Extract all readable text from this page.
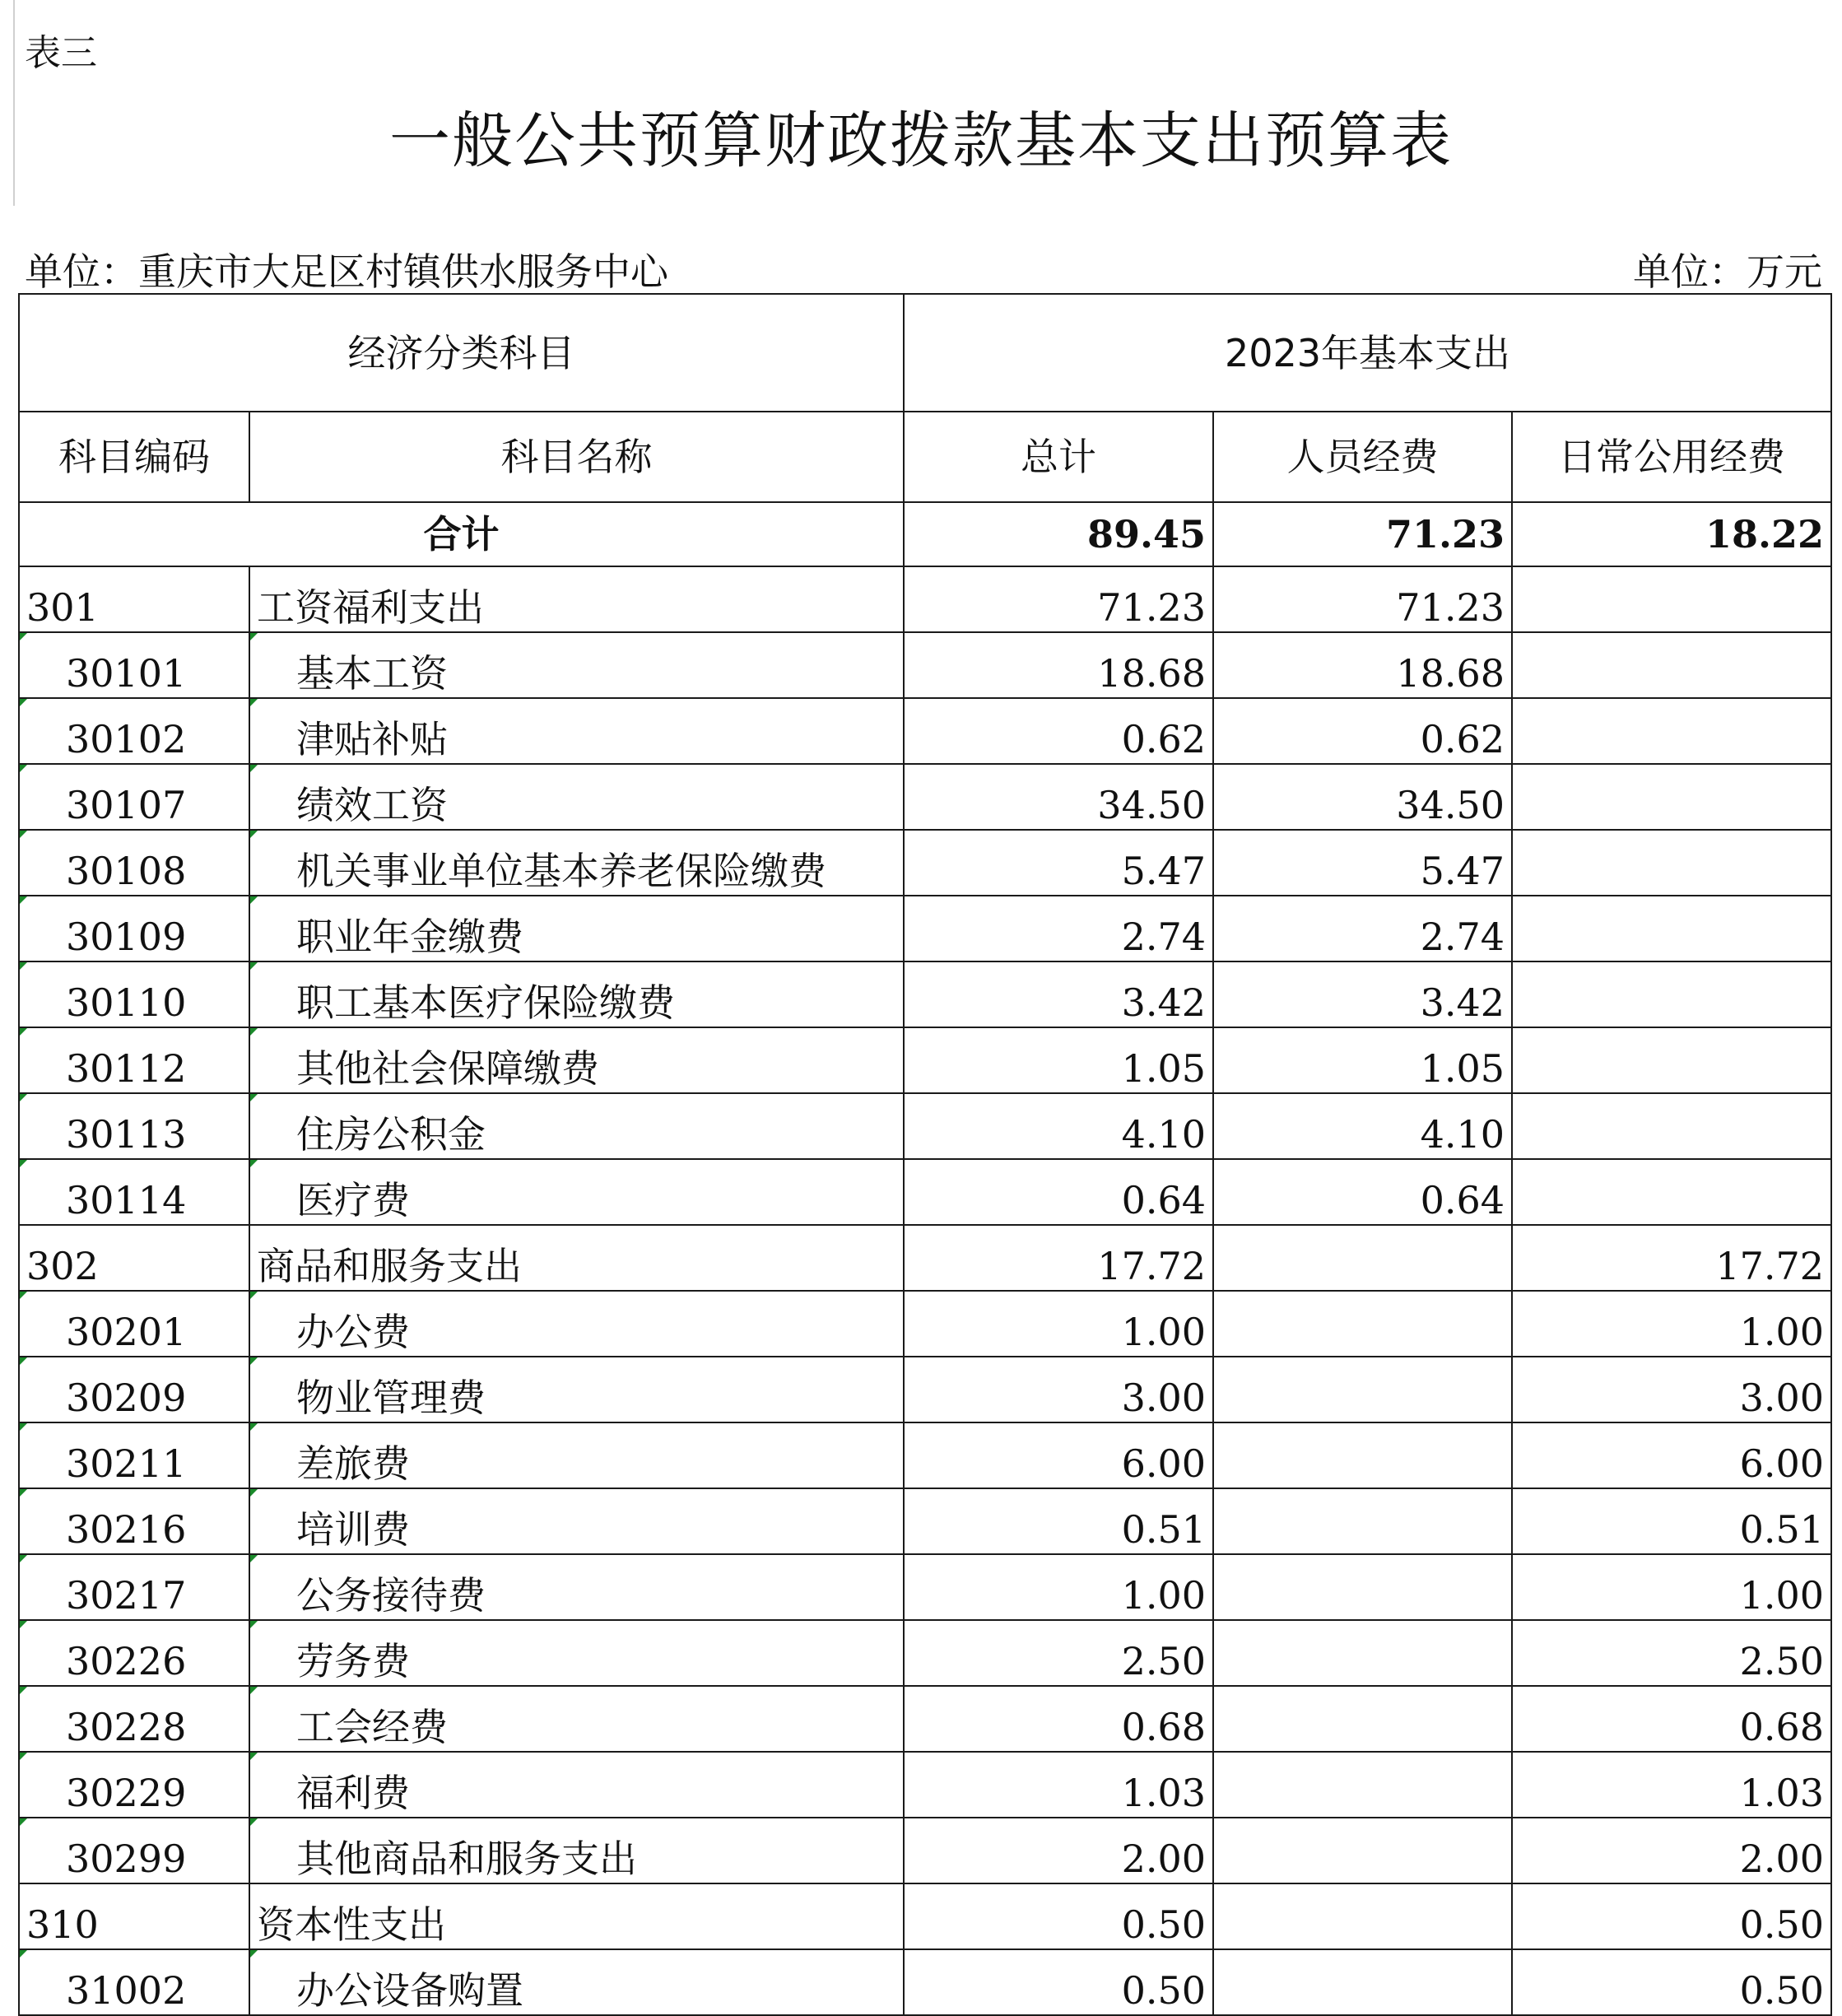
表三
一般公共预算财政拨款基本支出预算表
单位：重庆市大足区村镇供水服务中心	单位：万元
经济分类科目		2023年基本支出		
科目编码	科目名称	总计	人员经费	日常公用经费
合计		89.45	71.23	18.22
301	工资福利支出	71.23	71.23	

30101	基本工资	18.68	18.68	

30102	津贴补贴	0.62	0.62	

30107	绩效工资	34.50	34.50	

30108	机关事业单位基本养老保险缴费	5.47	5.47	

30109	职业年金缴费	2.74	2.74	

30110	职工基本医疗保险缴费	3.42	3.42	

30112	其他社会保障缴费	1.05	1.05	

30113	住房公积金	4.10	4.10	

30114	医疗费	0.64	0.64	
302	商品和服务支出	17.72		17.72

30201	办公费	1.00		1.00

30209	物业管理费	3.00		3.00

30211	差旅费	6.00		6.00

30216	培训费	0.51		0.51

30217	公务接待费	1.00		1.00

30226	劳务费	2.50		2.50

30228	工会经费	0.68		0.68

30229	福利费	1.03		1.03

30299	其他商品和服务支出	2.00		2.00
310	资本性支出	0.50		0.50

31002	办公设备购置	0.50		0.50
